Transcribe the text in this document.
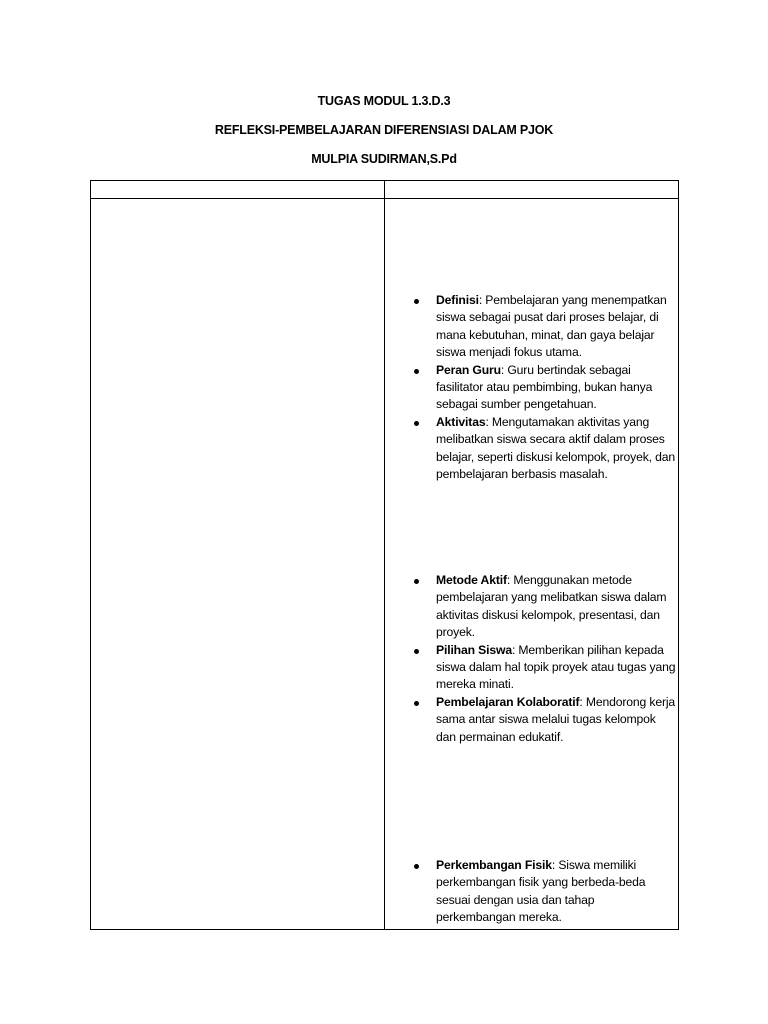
TUGAS MODUL 1.3.D.3
REFLEKSI-PEMBELAJARAN DIFERENSIASI DALAM PJOK
MULPIA SUDIRMAN,S.Pd
Definisi: Pembelajaran yang menempatkan siswa sebagai pusat dari proses belajar, di mana kebutuhan, minat, dan gaya belajar siswa menjadi fokus utama.
Peran Guru: Guru bertindak sebagai fasilitator atau pembimbing, bukan hanya sebagai sumber pengetahuan.
Aktivitas: Mengutamakan aktivitas yang melibatkan siswa secara aktif dalam proses belajar, seperti diskusi kelompok, proyek, dan pembelajaran berbasis masalah.
Metode Aktif: Menggunakan metode pembelajaran yang melibatkan siswa dalam aktivitas diskusi kelompok, presentasi, dan proyek.
Pilihan Siswa: Memberikan pilihan kepada siswa dalam hal topik proyek atau tugas yang mereka minati.
Pembelajaran Kolaboratif: Mendorong kerja sama antar siswa melalui tugas kelompok dan permainan edukatif.
Perkembangan Fisik: Siswa memiliki perkembangan fisik yang berbeda-beda sesuai dengan usia dan tahap perkembangan mereka.
